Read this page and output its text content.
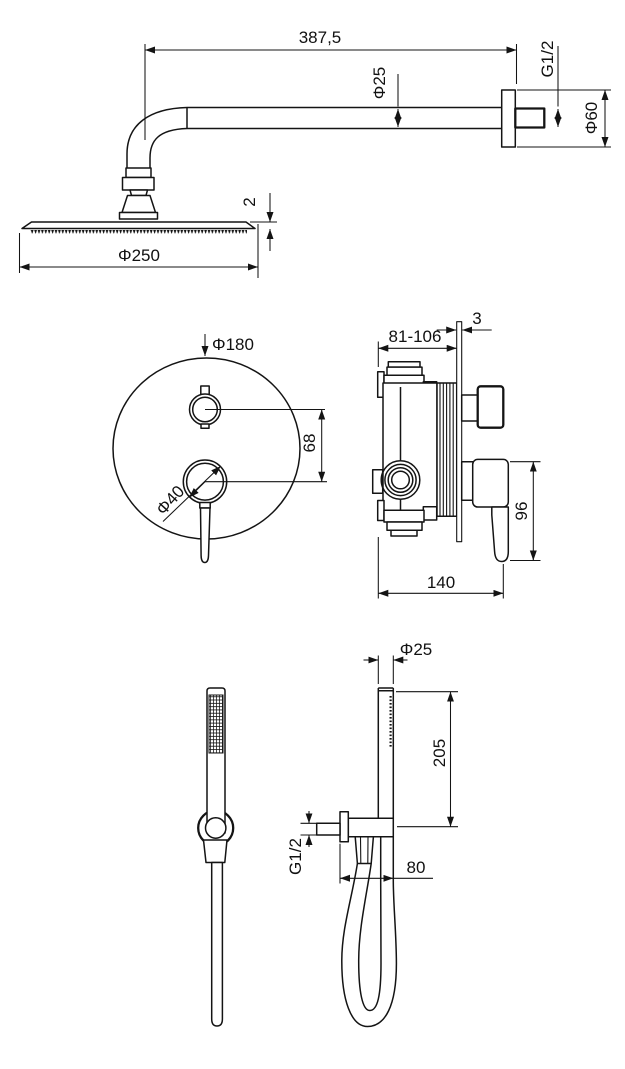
387,5
Φ25
G1/2
Φ60
2
Φ250
Φ180
68
Φ40
81-106
3
96
140
Φ25
205
G1/2	80
